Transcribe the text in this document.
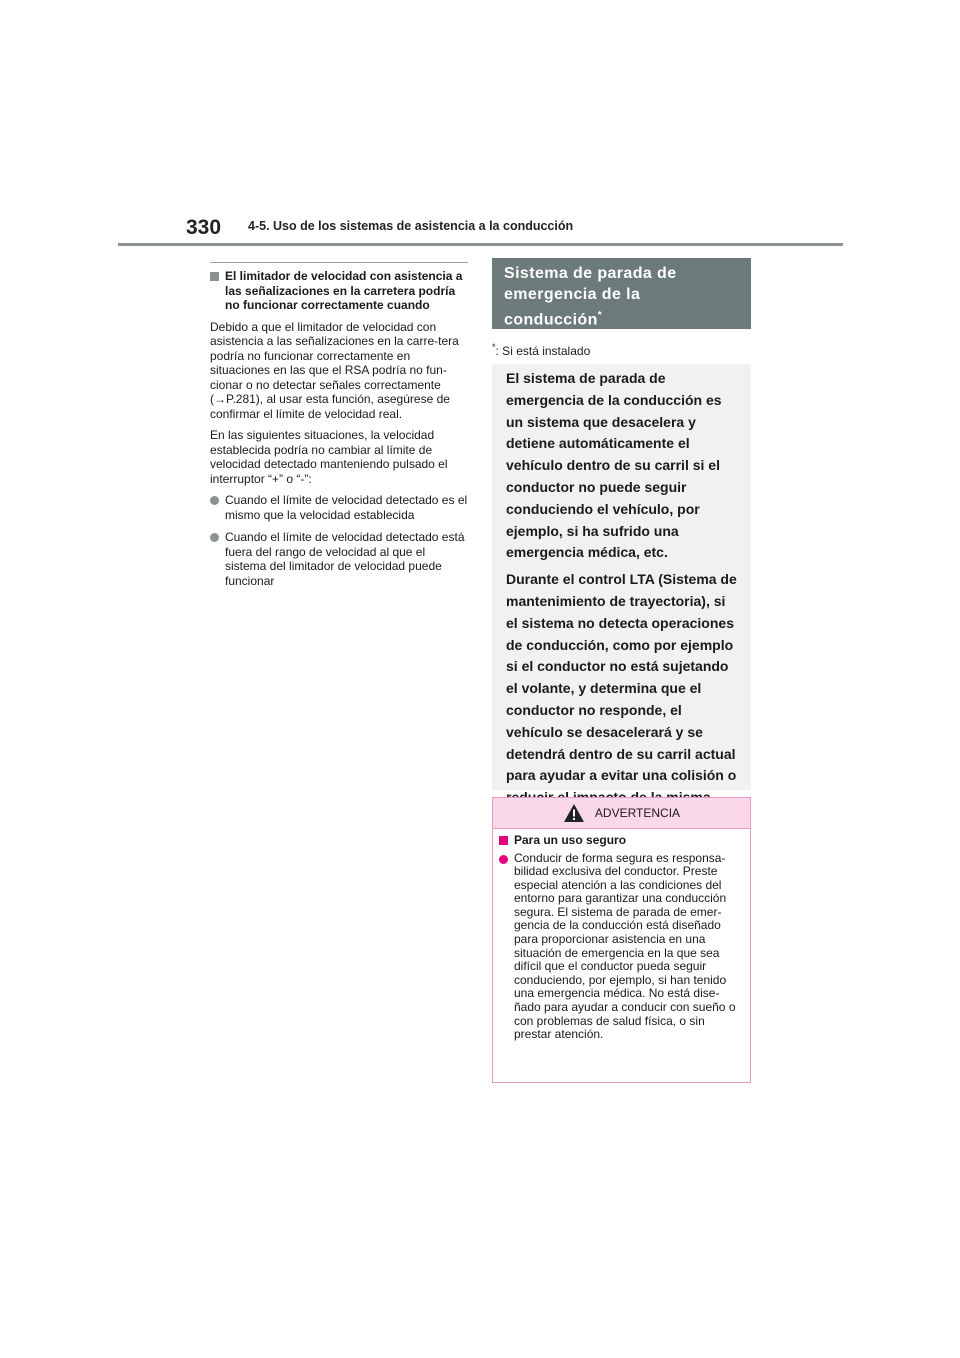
330 4-5. Uso de los sistemas de asistencia a la conducción
El limitador de velocidad con asistencia a las señalizaciones en la carretera podría no funcionar correctamente cuando

Debido a que el limitador de velocidad con asistencia a las señalizaciones en la carre-tera podría no funcionar correctamente en situaciones en las que el RSA podría no fun-cionar o no detectar señales correctamente (→P.281), al usar esta función, asegúrese de confirmar el límite de velocidad real.

En las siguientes situaciones, la velocidad establecida podría no cambiar al límite de velocidad detectado manteniendo pulsado el interruptor “+” o “-”:

Cuando el límite de velocidad detectado es el mismo que la velocidad establecida
Cuando el límite de velocidad detectado está fuera del rango de velocidad al que el sistema del limitador de velocidad puede funcionar
Sistema de parada de emergencia de la conducción*
*: Si está instalado

El sistema de parada de emergencia de la conducción es un sistema que desacelera y detiene automáticamente el vehículo dentro de su carril si el conductor no puede seguir conduciendo el vehículo, por ejemplo, si ha sufrido una emergencia médica, etc.

Durante el control LTA (Sistema de mantenimiento de trayectoria), si el sistema no detecta operaciones de conducción, como por ejemplo si el conductor no está sujetando el volante, y determina que el conductor no responde, el vehículo se desacelerará y se detendrá dentro de su carril actual para ayudar a evitar una colisión o

ADVERTENCIA
Para un uso seguro
Conducir de forma segura es responsa-bilidad exclusiva del conductor. Preste especial atención a las condiciones del entorno para garantizar una conducción segura. El sistema de parada de emer-gencia de la conducción está diseñado para proporcionar asistencia en una situación de emergencia en la que sea difícil que el conductor pueda seguir conduciendo, por ejemplo, si han tenido una emergencia médica. No está dise-ñado para ayudar a conducir con sueño o con problemas de salud física, o sin prestar atención.
